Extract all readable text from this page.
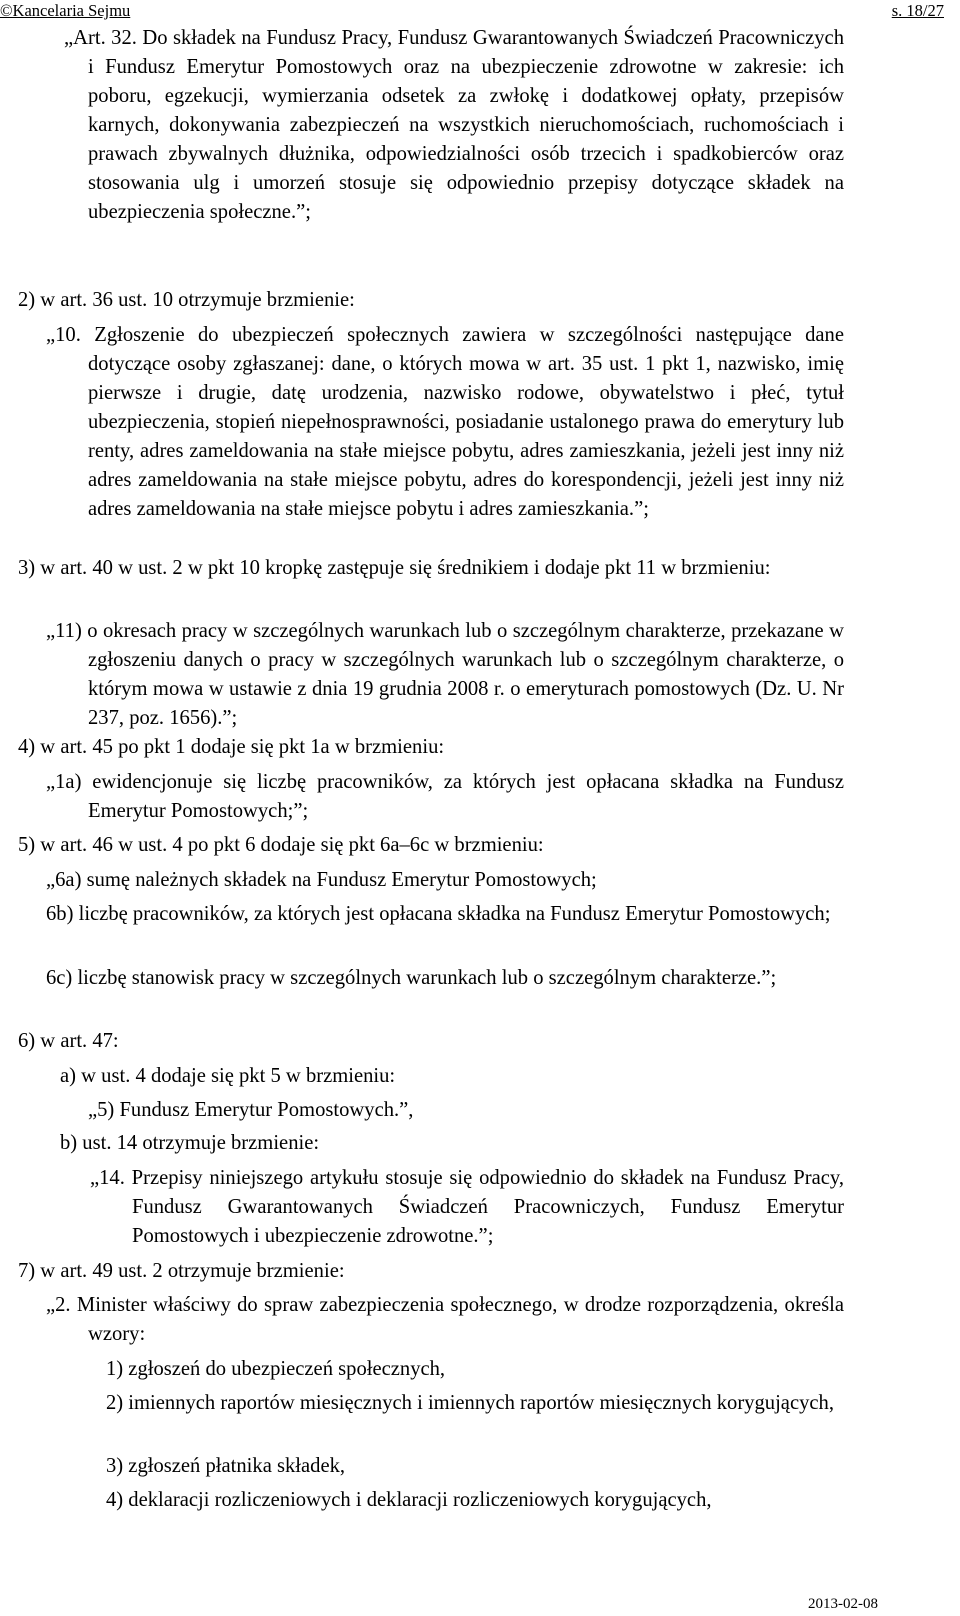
©Kancelaria Sejmu	s. 18/27
„Art. 32. Do składek na Fundusz Pracy, Fundusz Gwarantowanych Świadczeń Pracowniczych i Fundusz Emerytur Pomostowych oraz na ubezpieczenie zdrowotne w zakresie: ich poboru, egzekucji, wymierzania odsetek za zwłokę i dodatkowej opłaty, przepisów karnych, dokonywania zabezpieczeń na wszystkich nieruchomościach, ruchomościach i prawach zbywalnych dłużnika, odpowiedzialności osób trzecich i spadkobierców oraz stosowania ulg i umorzeń stosuje się odpowiednio przepisy dotyczące składek na ubezpieczenia społeczne.”;
2) w art. 36 ust. 10 otrzymuje brzmienie:
„10. Zgłoszenie do ubezpieczeń społecznych zawiera w szczególności następujące dane dotyczące osoby zgłaszanej: dane, o których mowa w art. 35 ust. 1 pkt 1, nazwisko, imię pierwsze i drugie, datę urodzenia, nazwisko rodowe, obywatelstwo i płeć, tytuł ubezpieczenia, stopień niepełnosprawności, posiadanie ustalonego prawa do emerytury lub renty, adres zameldowania na stałe miejsce pobytu, adres zamieszkania, jeżeli jest inny niż adres zameldowania na stałe miejsce pobytu, adres do korespondencji, jeżeli jest inny niż adres zameldowania na stałe miejsce pobytu i adres zamieszkania.”;
3) w art. 40 w ust. 2 w pkt 10 kropkę zastępuje się średnikiem i dodaje pkt 11 w brzmieniu:
„11) o okresach pracy w szczególnych warunkach lub o szczególnym charakterze, przekazane w zgłoszeniu danych o pracy w szczególnych warunkach lub o szczególnym charakterze, o którym mowa w ustawie z dnia 19 grudnia 2008 r. o emeryturach pomostowych (Dz. U. Nr 237, poz. 1656).”;
4) w art. 45 po pkt 1 dodaje się pkt 1a w brzmieniu:
„1a) ewidencjonuje się liczbę pracowników, za których jest opłacana składka na Fundusz Emerytur Pomostowych;”;
5) w art. 46 w ust. 4 po pkt 6 dodaje się pkt 6a–6c w brzmieniu:
„6a) sumę należnych składek na Fundusz Emerytur Pomostowych;
6b) liczbę pracowników, za których jest opłacana składka na Fundusz Emerytur Pomostowych;
6c) liczbę stanowisk pracy w szczególnych warunkach lub o szczególnym charakterze.”;
6) w art. 47:
a) w ust. 4 dodaje się pkt 5 w brzmieniu:
„5) Fundusz Emerytur Pomostowych.”,
b) ust. 14 otrzymuje brzmienie:
„14. Przepisy niniejszego artykułu stosuje się odpowiednio do składek na Fundusz Pracy, Fundusz Gwarantowanych Świadczeń Pracowniczych, Fundusz Emerytur Pomostowych i ubezpieczenie zdrowotne.”;
7) w art. 49 ust. 2 otrzymuje brzmienie:
„2. Minister właściwy do spraw zabezpieczenia społecznego, w drodze rozporządzenia, określa wzory:
1) zgłoszeń do ubezpieczeń społecznych,
2) imiennych raportów miesięcznych i imiennych raportów miesięcznych korygujących,
3) zgłoszeń płatnika składek,
4) deklaracji rozliczeniowych i deklaracji rozliczeniowych korygujących,
2013-02-08
